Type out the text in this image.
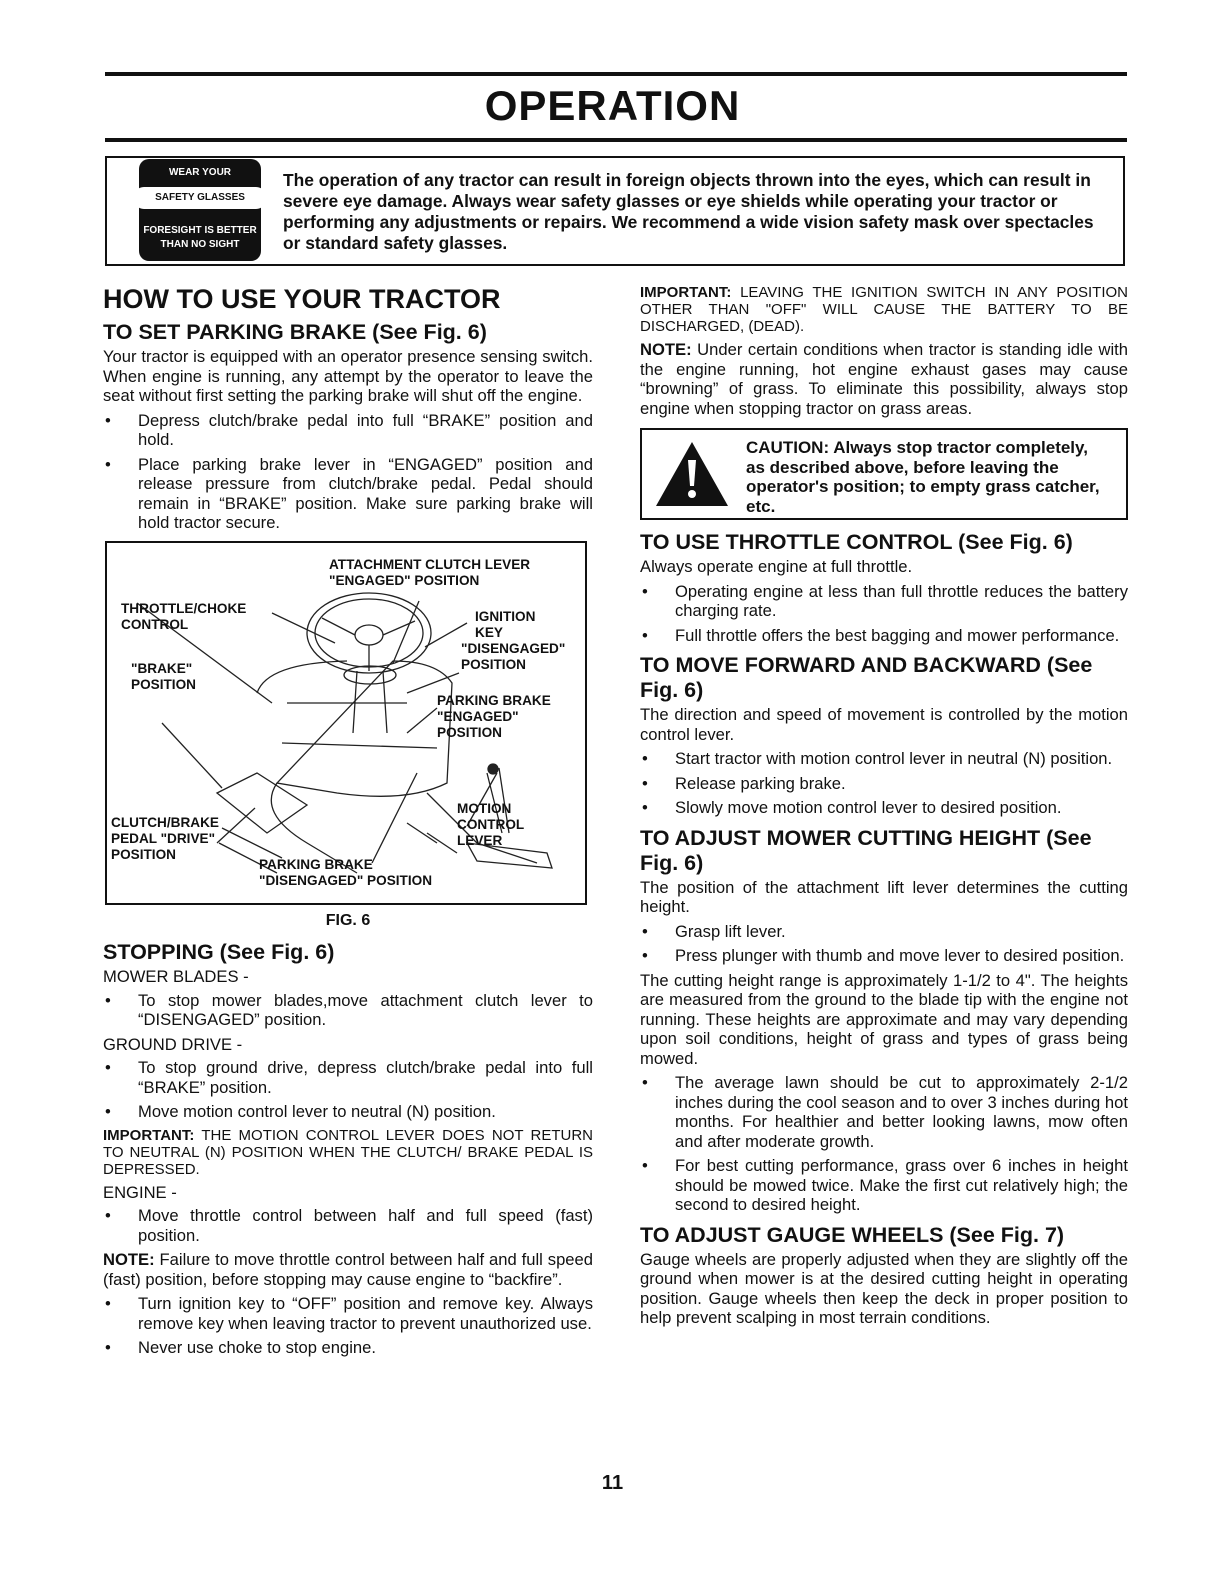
OPERATION
WEAR YOUR
SAFETY GLASSES
FORESIGHT IS BETTER
THAN NO SIGHT
The operation of any tractor can result in foreign objects thrown into the eyes, which can result in severe eye damage. Always wear safety glasses or eye shields while operating your tractor or performing any adjustments or repairs. We recommend a wide vision safety mask over spectacles or standard safety glasses.
HOW TO USE YOUR TRACTOR
TO SET PARKING BRAKE (See Fig. 6)

Your tractor is equipped with an operator presence sensing switch. When engine is running, any attempt by the operator to leave the seat without first setting the parking brake will shut off the engine.

• Depress clutch/brake pedal into full “BRAKE” position and hold.
• Place parking brake lever in “ENGAGED” position and release pressure from clutch/brake pedal. Pedal should remain in “BRAKE” position. Make sure parking brake will hold tractor secure.
ATTACHMENT CLUTCH LEVER
"ENGAGED" POSITION
THROTTLE/CHOKE
CONTROL
IGNITION
KEY
"DISENGAGED"
POSITION
"BRAKE"
POSITION
PARKING BRAKE
"ENGAGED"
POSITION
MOTION
CONTROL
LEVER
CLUTCH/BRAKE
PEDAL "DRIVE"
POSITION
PARKING BRAKE
"DISENGAGED" POSITION
FIG. 6
STOPPING (See Fig. 6)
MOWER BLADES -
• To stop mower blades,move attachment clutch lever to “DISENGAGED” position.
GROUND DRIVE -
• To stop ground drive, depress clutch/brake pedal into full “BRAKE” position.
• Move motion control lever to neutral (N) position.

IMPORTANT: THE MOTION CONTROL LEVER DOES NOT RETURN TO NEUTRAL (N) POSITION WHEN THE CLUTCH/ BRAKE PEDAL IS DEPRESSED.

ENGINE -
• Move throttle control between half and full speed (fast) position.

NOTE: Failure to move throttle control between half and full speed (fast) position, before stopping may cause engine to “backfire”.

• Turn ignition key to “OFF” position and remove key. Always remove key when leaving tractor to prevent unauthorized use.
• Never use choke to stop engine.

IMPORTANT: LEAVING THE IGNITION SWITCH IN ANY POSITION OTHER THAN "OFF" WILL CAUSE THE BATTERY TO BE DISCHARGED, (DEAD).

NOTE: Under certain conditions when tractor is standing idle with the engine running, hot engine exhaust gases may cause “browning” of grass. To eliminate this possibility, always stop engine when stopping tractor on grass areas.

CAUTION: Always stop tractor completely, as described above, before leaving the operator's position; to empty grass catcher, etc.
TO USE THROTTLE CONTROL (See Fig. 6)

Always operate engine at full throttle.

• Operating engine at less than full throttle reduces the battery charging rate.
• Full throttle offers the best bagging and mower performance.
TO MOVE FORWARD AND BACKWARD (See Fig. 6)

The direction and speed of movement is controlled by the motion control lever.

• Start tractor with motion control lever in neutral (N) position.
• Release parking brake.
• Slowly move motion control lever to desired position.
TO ADJUST MOWER CUTTING HEIGHT (See Fig. 6)

The position of the attachment lift lever determines the cutting height.

• Grasp lift lever.
• Press plunger with thumb and move lever to desired position.

The cutting height range is approximately 1-1/2 to 4". The heights are measured from the ground to the blade tip with the engine not running. These heights are approximate and may vary depending upon soil conditions, height of grass and types of grass being mowed.

• The average lawn should be cut to approximately 2-1/2 inches during the cool season and to over 3 inches during hot months. For healthier and better looking lawns, mow often and after moderate growth.
• For best cutting performance, grass over 6 inches in height should be mowed twice. Make the first cut relatively high; the second to desired height.
TO ADJUST GAUGE WHEELS (See Fig. 7)

Gauge wheels are properly adjusted when they are slightly off the ground when mower is at the desired cutting height in operating position. Gauge wheels then keep the deck in proper position to help prevent scalping in most terrain conditions.

11
